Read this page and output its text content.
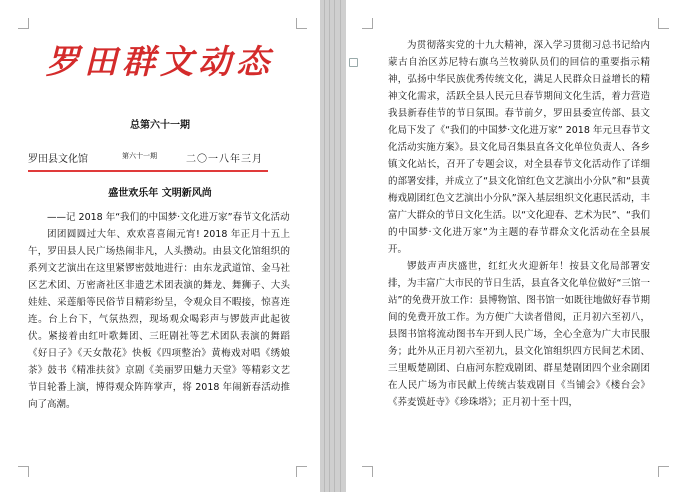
罗田群文动态
总第六十一期
罗田县文化馆	第六十一期	二〇一八年三月
盛世欢乐年 文明新风尚

——记 2018 年“我们的中国梦·文化进万家”春节文化活动

团团圆圆过大年、欢欢喜喜闹元宵! 2018 年正月十五上午，罗田县人民广场热闹非凡，人头攒动。由县文化馆组织的系列文艺演出在这里紧锣密鼓地进行：由东龙武道馆、金马社区艺术团、万密斋社区非遗艺术团表演的舞龙、舞狮子、大头娃娃、采莲船等民俗节目精彩纷呈，令观众目不暇接，惊喜连连。台上台下，气氛热烈，现场观众喝彩声与锣鼓声此起彼伏。紧接着由红叶歌舞团、三旺剧社等艺术团队表演的舞蹈《好日子》《天女散花》快板《四项整治》黄梅戏对唱《绣娘茶》鼓书《精准扶贫》京剧《美丽罗田魅力天堂》等精彩文艺节目轮番上演，博得观众阵阵掌声，将 2018 年闹新春活动推向了高潮。

为贯彻落实党的十九大精神，深入学习贯彻习总书记给内蒙古自治区苏尼特右旗乌兰牧骑队员们的回信的重要指示精神，弘扬中华民族优秀传统文化，满足人民群众日益增长的精神文化需求，活跃全县人民元旦春节期间文化生活，着力营造我县新春佳节的节日氛围。春节前夕，罗田县委宣传部、县文化局下发了《“我们的中国梦·文化进万家” 2018 年元旦春节文化活动实施方案》。县文化局召集县直各文化单位负责人、各乡镇文化站长，召开了专题会议，对全县春节文化活动作了详细的部署安排，并成立了“县文化馆红色文艺演出小分队”和“县黄梅戏剧团红色文艺演出小分队”深入基层组织文化惠民活动，丰富广大群众的节日文化生活。以“文化迎春、艺术为民”、“我们的中国梦·文化进万家”为主题的春节群众文化活动在全县展开。

锣鼓声声庆盛世，红红火火迎新年！按县文化局部署安排，为丰富广大市民的节日生活，县直各文化单位做好“三馆一站”的免费开放工作：县博物馆、图书馆一如既往地做好春节期间的免费开放工作。为方便广大读者借阅，正月初六至初八，县图书馆将流动图书车开到人民广场，全心全意为广大市民服务；此外从正月初六至初九，县文化馆组织四方民间艺术团、三里畈楚剧团、白庙河东腔戏剧团、群星楚剧团四个业余剧团在人民广场为市民献上传统古装戏剧目《当铺会》《楼台会》《荞麦馍赶寺》《珍珠塔》；正月初十至十四，
